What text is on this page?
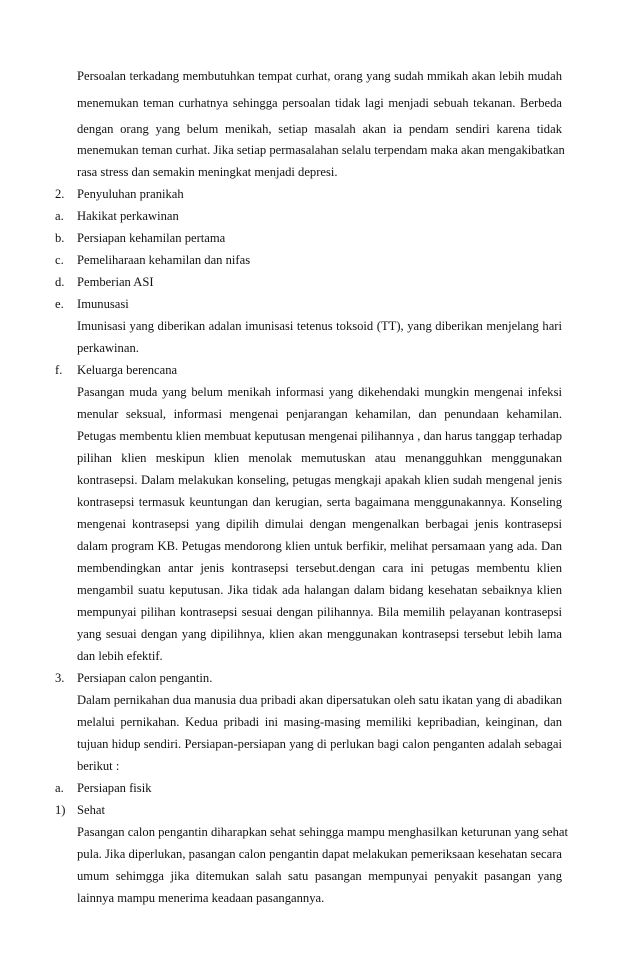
Persoalan terkadang membutuhkan tempat curhat, orang yang sudah mmikah akan lebih mudah
menemukan teman curhatnya sehingga persoalan tidak lagi menjadi sebuah tekanan. Berbeda
dengan orang yang belum menikah, setiap masalah akan ia pendam sendiri karena tidak
menemukan teman curhat. Jika setiap permasalahan selalu terpendam maka akan mengakibatkan
rasa stress dan semakin meningkat menjadi depresi.
2. Penyuluhan pranikah
a. Hakikat perkawinan
b. Persiapan kehamilan pertama
c. Pemeliharaan kehamilan dan nifas
d. Pemberian ASI
e. Imunusasi
Imunisasi yang diberikan adalan imunisasi tetenus toksoid (TT), yang diberikan menjelang hari
perkawinan.
f. Keluarga berencana
Pasangan muda yang belum menikah informasi yang dikehendaki mungkin mengenai infeksi
menular seksual, informasi mengenai penjarangan kehamilan, dan penundaan kehamilan.
Petugas membentu klien membuat keputusan mengenai pilihannya , dan harus tanggap terhadap
pilihan klien meskipun klien menolak memutuskan atau menangguhkan menggunakan
kontrasepsi. Dalam melakukan konseling, petugas mengkaji apakah klien sudah mengenal jenis
kontrasepsi termasuk keuntungan dan kerugian, serta bagaimana menggunakannya. Konseling
mengenai kontrasepsi yang dipilih dimulai dengan mengenalkan berbagai jenis kontrasepsi
dalam program KB. Petugas mendorong klien untuk berfikir, melihat persamaan yang ada. Dan
membendingkan antar jenis kontrasepsi tersebut.dengan cara ini petugas membentu klien
mengambil suatu keputusan. Jika tidak ada halangan dalam bidang kesehatan sebaiknya klien
mempunyai pilihan kontrasepsi sesuai dengan pilihannya. Bila memilih pelayanan kontrasepsi
yang sesuai dengan yang dipilihnya, klien akan menggunakan kontrasepsi tersebut lebih lama
dan lebih efektif.
3. Persiapan calon pengantin.
Dalam pernikahan dua manusia dua pribadi akan dipersatukan oleh satu ikatan yang di abadikan
melalui pernikahan. Kedua pribadi ini masing-masing memiliki kepribadian, keinginan, dan
tujuan hidup sendiri. Persiapan-persiapan yang di perlukan bagi calon penganten adalah sebagai
berikut :
a. Persiapan fisik
1) Sehat
Pasangan calon pengantin diharapkan sehat sehingga mampu menghasilkan keturunan yang sehat
pula. Jika diperlukan, pasangan calon pengantin dapat melakukan pemeriksaan kesehatan secara
umum sehimgga jika ditemukan salah satu pasangan mempunyai penyakit pasangan yang
lainnya mampu menerima keadaan pasangannya.
